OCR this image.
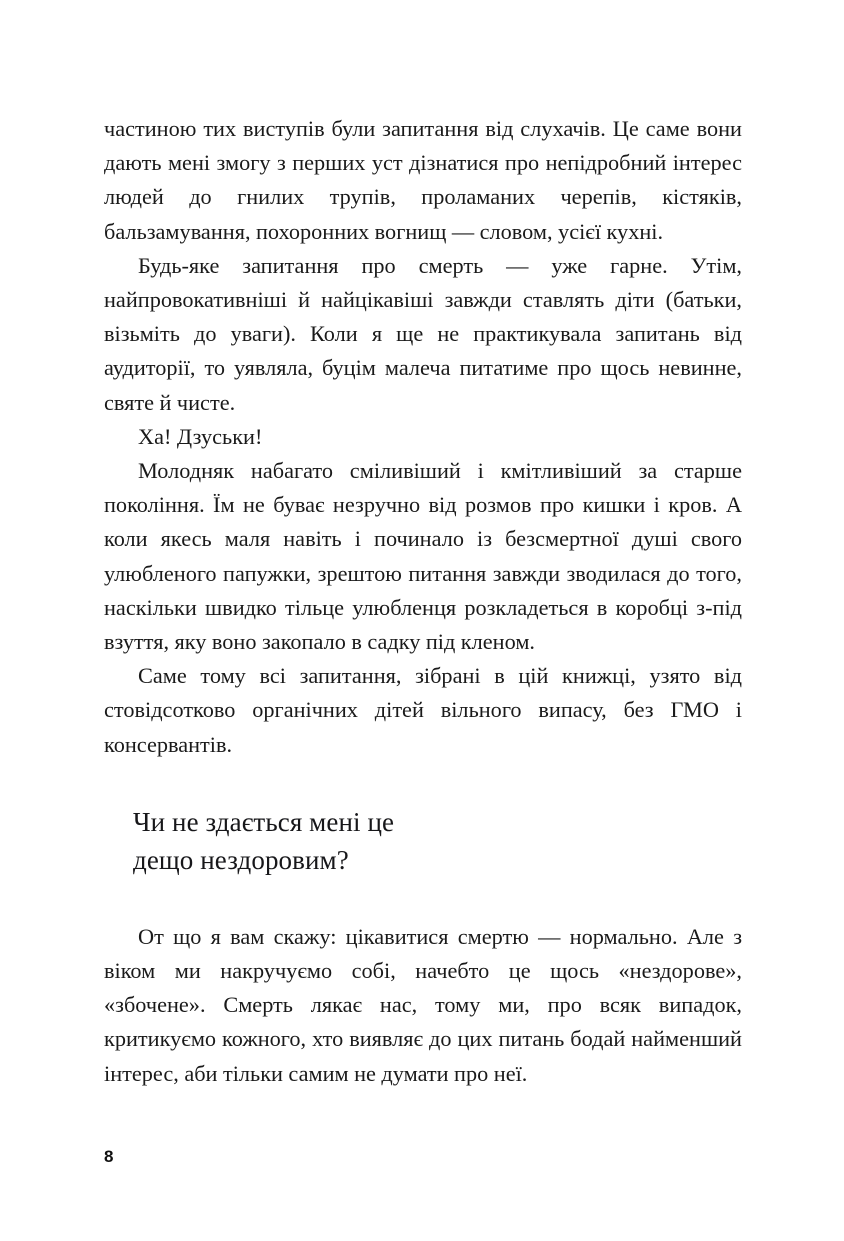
частиною тих виступів були запитання від слухачів. Це саме вони дають мені змогу з перших уст дізнатися про непідробний інтерес людей до гнилих трупів, проламаних черепів, кістяків, бальзамування, похоронних вогнищ — словом, усієї кухні.

Будь-яке запитання про смерть — уже гарне. Утім, найпровокативніші й найцікавіші завжди ставлять діти (батьки, візьміть до уваги). Коли я ще не практикувала запитань від аудиторії, то уявляла, буцім малеча питатиме про щось невинне, святе й чисте.

Ха! Дзуськи!

Молодняк набагато сміливіший і кмітливіший за старше покоління. Їм не буває незручно від розмов про кишки і кров. А коли якесь маля навіть і починало із безсмертної душі свого улюбленого папужки, зрештою питання завжди зводилася до того, наскільки швидко тільце улюбленця розкладеться в коробці з-під взуття, яку воно закопало в садку під кленом.

Саме тому всі запитання, зібрані в цій книжці, узято від стовідсотково органічних дітей вільного випасу, без ГМО і консервантів.

Чи не здається мені це
дещо нездоровим?

От що я вам скажу: цікавитися смертю — нормально. Але з віком ми накручуємо собі, начебто це щось «нездорове», «збочене». Смерть лякає нас, тому ми, про всяк випадок, критикуємо кожного, хто виявляє до цих питань бодай найменший інтерес, аби тільки самим не думати про неї.

8
